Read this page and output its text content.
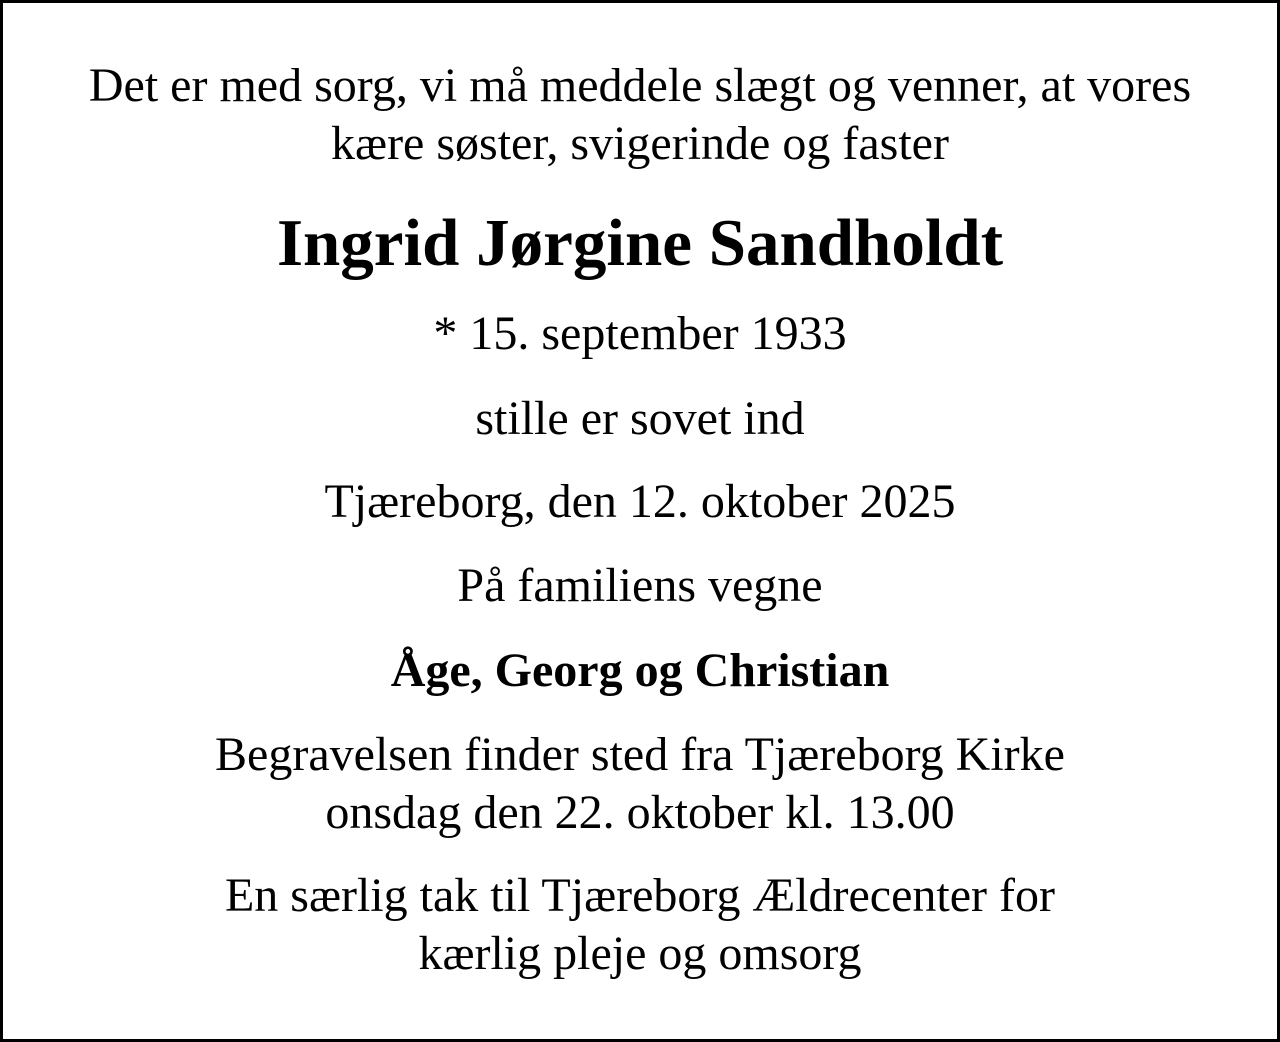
Det er med sorg, vi må meddele slægt og venner, at vores

kære søster, svigerinde og faster

Ingrid Jørgine Sandholdt

* 15. september 1933

stille er sovet ind

Tjæreborg, den 12. oktober 2025

På familiens vegne

Åge, Georg og Christian

Begravelsen finder sted fra Tjæreborg Kirke

onsdag den 22. oktober kl. 13.00

En særlig tak til Tjæreborg Ældrecenter for

kærlig pleje og omsorg
